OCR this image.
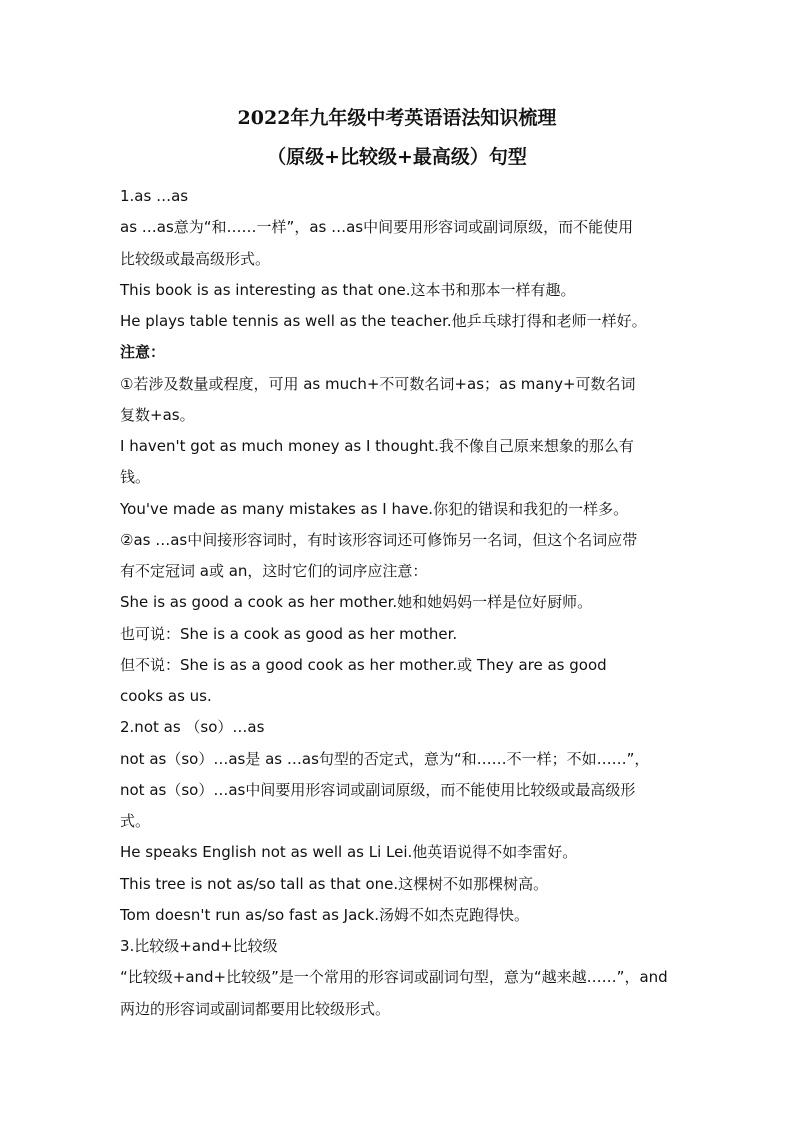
2022年九年级中考英语语法知识梳理
（原级+比较级+最高级）句型

1.as …as

as …as意为“和……一样”，as …as中间要用形容词或副词原级，而不能使用

比较级或最高级形式。

This book is as interesting as that one.这本书和那本一样有趣。

He plays table tennis as well as the teacher.他乒乓球打得和老师一样好。

注意：

①若涉及数量或程度，可用 as much+不可数名词+as；as many+可数名词

复数+as。

I haven't got as much money as I thought.我不像自己原来想象的那么有

钱。

You've made as many mistakes as I have.你犯的错误和我犯的一样多。

②as …as中间接形容词时，有时该形容词还可修饰另一名词，但这个名词应带

有不定冠词 a或 an，这时它们的词序应注意：

She is as good a cook as her mother.她和她妈妈一样是位好厨师。

也可说：She is a cook as good as her mother.

但不说：She is as a good cook as her mother.或 They are as good

cooks as us.

2.not as （so）…as

not as（so）…as是 as …as句型的否定式，意为“和……不一样；不如……”，

not as（so）…as中间要用形容词或副词原级，而不能使用比较级或最高级形

式。

He speaks English not as well as Li Lei.他英语说得不如李雷好。

This tree is not as/so tall as that one.这棵树不如那棵树高。

Tom doesn't run as/so fast as Jack.汤姆不如杰克跑得快。

3.比较级+and+比较级

“比较级+and+比较级”是一个常用的形容词或副词句型，意为“越来越……”，and

两边的形容词或副词都要用比较级形式。
